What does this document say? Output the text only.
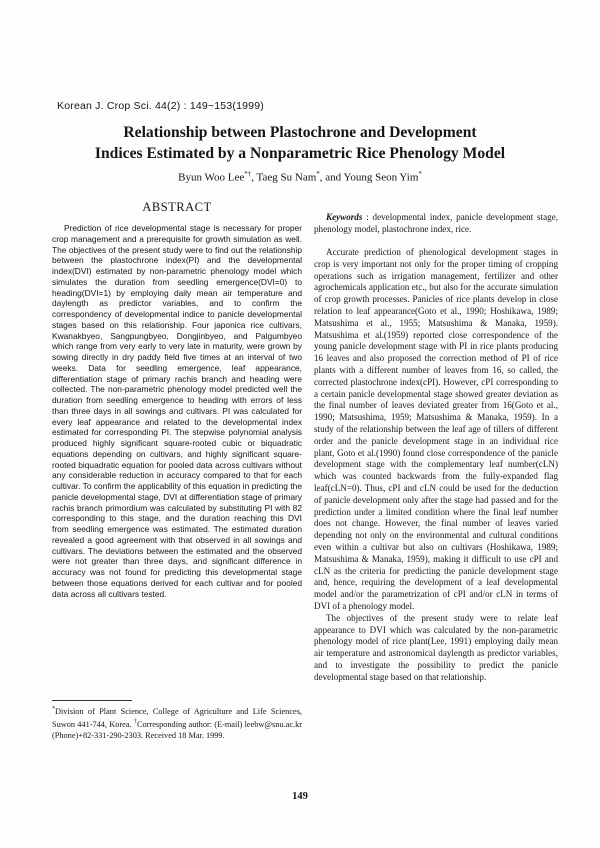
Korean J. Crop Sci. 44(2) : 149~153(1999)
Relationship between Plastochrone and Development
Indices Estimated by a Nonparametric Rice Phenology Model
Byun Woo Lee*†, Taeg Su Nam*, and Young Seon Yim*
ABSTRACT
Prediction of rice developmental stage is necessary for proper crop management and a prerequisite for growth simulation as well. The objectives of the present study were to find out the relationship between the plastochrone index(PI) and the developmental index(DVI) estimated by non-parametric phenology model which simulates the duration from seedling emergence(DVI=0) to heading(DVI=1) by employing daily mean air temperature and daylength as predictor variables, and to confirm the correspondency of developmental indice to panicle developmental stages based on this relationship. Four japonica rice cultivars, Kwanakbyeo, Sangpungbyeo, Dongjinbyeo, and Palgumbyeo which range from very early to very late in maturity, were grown by sowing directly in dry paddy field five times at an interval of two weeks. Data for seedling emergence, leaf appearance, differentiation stage of primary rachis branch and heading were collected. The non-parametric phenology model predicted well the duration from seedling emergence to heading with errors of less than three days in all sowings and cultivars. PI was calculated for every leaf appearance and related to the developmental index estimated for corresponding PI. The stepwise polynomial analysis produced highly significant square-rooted cubic or biquadratic equations depending on cultivars, and highly significant square-rooted biquadratic equation for pooled data across cultivars without any considerable reduction in accuracy compared to that for each cultivar. To confirm the applicability of this equation in predicting the panicle developmental stage, DVI at differentiation stage of primary rachis branch primordium was calculated by substituting PI with 82 corresponding to this stage, and the duration reaching this DVI from seedling emergence was estimated. The estimated duration revealed a good agreement with that observed in all sowings and cultivars. The deviations between the estimated and the observed were not greater than three days, and significant difference in accuracy was not found for predicting this developmental stage between those equations derived for each cultivar and for pooled data across all cultivars tested.
Keywords : developmental index, panicle development stage, phenology model, plastochrone index, rice.

Accurate prediction of phenological development stages in crop is very important not only for the proper timing of cropping operations such as irrigation management, fertilizer and other agrochemicals application etc., but also for the accurate simulation of crop growth processes. Panicles of rice plants develop in close relation to leaf appearance(Goto et al., 1990; Hoshikawa, 1989; Matsushima et al., 1955; Matsushima & Manaka, 1959). Matsushima et al.(1959) reported close correspondence of the young panicle development stage with PI in rice plants producing 16 leaves and also proposed the correction method of PI of rice plants with a different number of leaves from 16, so called, the corrected plastochrone index(cPI). However, cPI corresponding to a certain panicle developmental stage showed greater deviation as the final number of leaves deviated greater from 16(Goto et al., 1990; Matsushima, 1959; Matsushima & Manaka, 1959). In a study of the relationship between the leaf age of tillers of different order and the panicle development stage in an individual rice plant, Goto et al.(1990) found close correspondence of the panicle development stage with the complementary leaf number(cLN) which was counted backwards from the fully-expanded flag leaf(cLN=0). Thus, cPI and cLN could be used for the deduction of panicle development only after the stage had passed and for the prediction under a limited condition where the final leaf number does not change. However, the final number of leaves varied depending not only on the environmental and cultural conditions even within a cultivar but also on cultivars (Hoshikawa, 1989; Matsushima & Manaka, 1959), making it difficult to use cPI and cLN as the criteria for predicting the panicle development stage and, hence, requiring the development of a leaf developmental model and/or the parametrization of cPI and/or cLN in terms of DVI of a phenology model.

The objectives of the present study were to relate leaf appearance to DVI which was calculated by the non-parametric phenology model of rice plant(Lee, 1991) employing daily mean air temperature and astronomical daylength as predictor variables, and to investigate the possibility to predict the panicle developmental stage based on that relationship.

*Division of Plant Science, College of Agriculture and Life Sciences, Suwon 441-744, Korea. †Corresponding author: (E-mail) leebw@snu.ac.kr (Phone)+82-331-290-2303. Received 18 Mar. 1999.
149
